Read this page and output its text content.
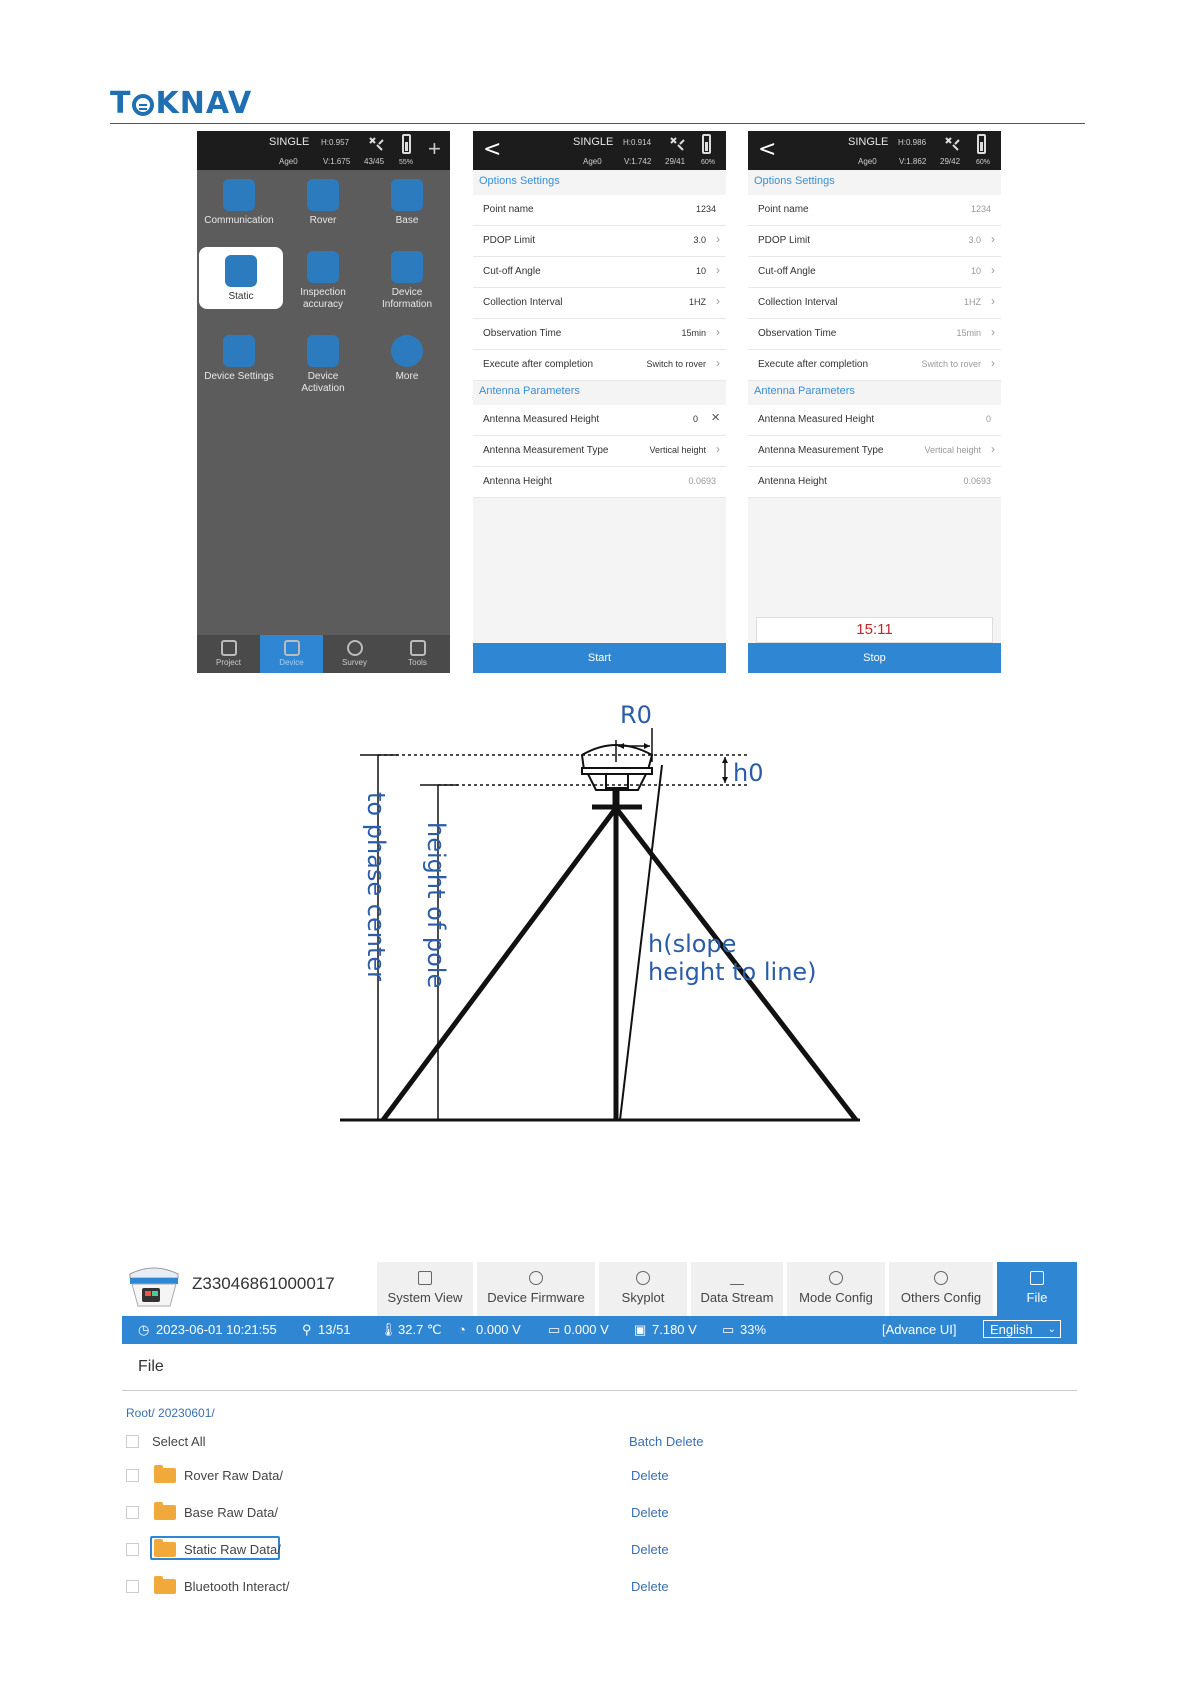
T KNAV
SINGLE H:0.957
Age0	V:1.675 43/45 55%
+
Communication	Rover	Base
Static	Inspection accuracy
Device Information
Device Settings	Device Activation
More
Project	Device	Survey	Tools
<	SINGLE H:0.914
Age0	V:1.742 29/41 60%
Options Settings
Point name	1234
PDOP Limit	3.0 ›
Cut-off Angle	10 ›
Collection Interval	1HZ ›
Observation Time	15min ›
Execute after completion	Switch to rover ›
Antenna Parameters
Antenna Measured Height	0 ×
Antenna Measurement Type	Vertical height ›
Antenna Height	0.0693
Start
<	SINGLE H:0.986
Age0	V:1.862 29/42 60%
Options Settings
Point name	1234
PDOP Limit	3.0 ›
Cut-off Angle	10 ›
Collection Interval	1HZ ›
Observation Time	15min ›
Execute after completion	Switch to rover ›
Antenna Parameters
Antenna Measured Height	0
Antenna Measurement Type	Vertical height ›
Antenna Height	0.0693
15:11
Stop
R0
h0
to phase center height of pole	h(slope
height to line)
Z33046861000017
System View	Device Firmware	Skyplot	Data Stream	Mode Config	Others Config	File
◷ 2023-06-01 10:21:55 ⚲ 13/51 🌡 32.7 ℃ ◔ 0.000 V ▭ 0.000 V ▣ 7.180 V ▭ 33%	[Advance UI]	English ⌄
File
Root/ 20230601/
Select All	Batch Delete
Rover Raw Data/	Delete
Base Raw Data/	Delete
Static Raw Data/	Delete
Bluetooth Interact/	Delete
